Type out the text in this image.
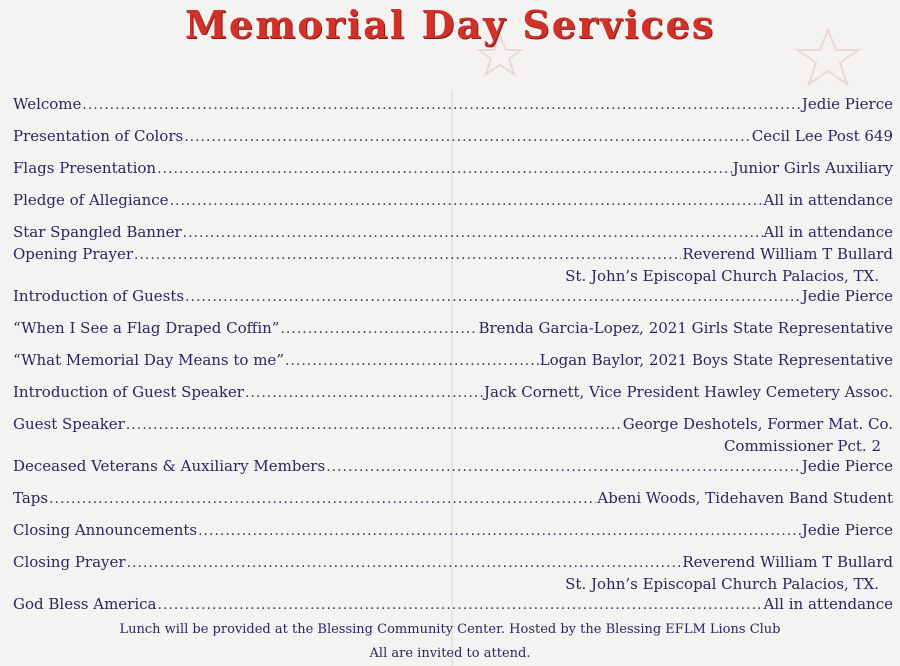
Memorial Day Services
Welcome .....	Jedie Pierce
Presentation of Colors .....	Cecil Lee Post 649
Flags Presentation .....	Junior Girls Auxiliary
Pledge of Allegiance .....	All in attendance
Star Spangled Banner .....	All in attendance
Opening Prayer .....	Reverend William T Bullard
St. John’s Episcopal Church Palacios, TX.
Introduction of Guests .....	Jedie Pierce
“When I See a Flag Draped Coffin” .....	Brenda Garcia-Lopez, 2021 Girls State Representative
“What Memorial Day Means to me” .....	Logan Baylor, 2021 Boys State Representative
Introduction of Guest Speaker .....	Jack Cornett, Vice President Hawley Cemetery Assoc.
Guest Speaker .....	George Deshotels, Former Mat. Co.
Commissioner Pct. 2
Deceased Veterans & Auxiliary Members .....	Jedie Pierce
Taps .....	Abeni Woods, Tidehaven Band Student
Closing Announcements .....	Jedie Pierce
Closing Prayer .....	Reverend William T Bullard
St. John’s Episcopal Church Palacios, TX.
God Bless America .....	All in attendance
Lunch will be provided at the Blessing Community Center. Hosted by the Blessing EFLM Lions Club
All are invited to attend.
